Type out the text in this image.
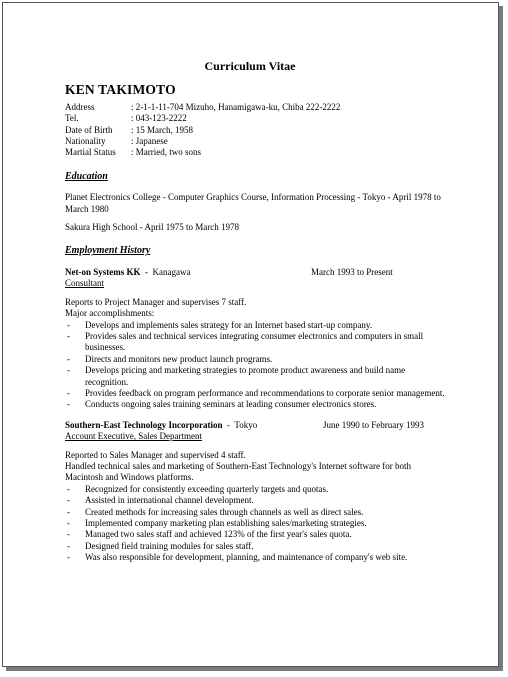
Curriculum Vitae
KEN TAKIMOTO
Address	: 2-1-1-11-704 Mizuho, Hanamigawa-ku, Chiba 222-2222
Tel.	: 043-123-2222
Date of Birth	: 15 March, 1958
Nationality	: Japanese
Martial Status	: Married, two sons
Education
Planet Electronics College - Computer Graphics Course, Information Processing - Tokyo - April 1978 to March 1980
Sakura High School - April 1975 to March 1978
Employment History
Net-on Systems KK -  Kanagawa	March 1993 to Present
Consultant
Reports to Project Manager and supervises 7 staff.
Major accomplishments:
-	Develops and implements sales strategy for an Internet based start-up company.
-	Provides sales and technical services integrating consumer electronics and computers in small businesses.
-	Directs and monitors new product launch programs.
-	Develops pricing and marketing strategies to promote product awareness and build name recognition.
-	Provides feedback on program performance and recommendations to corporate senior management.
-	Conducts ongoing sales training seminars at leading consumer electronics stores.
Southern-East Technology Incorporation -  Tokyo	June 1990 to February 1993
Account Executive, Sales Department
Reported to Sales Manager and supervised 4 staff.
Handled technical sales and marketing of Southern-East Technology's Internet software for both Macintosh and Windows platforms.
-	Recognized for consistently exceeding quarterly targets and quotas.
-	Assisted in international channel development.
-	Created methods for increasing sales through channels as well as direct sales.
-	Implemented company marketing plan establishing sales/marketing strategies.
-	Managed two sales staff and achieved 123% of the first year's sales quota.
-	Designed field training modules for sales staff.
-	Was also responsible for development, planning, and maintenance of company's web site.
